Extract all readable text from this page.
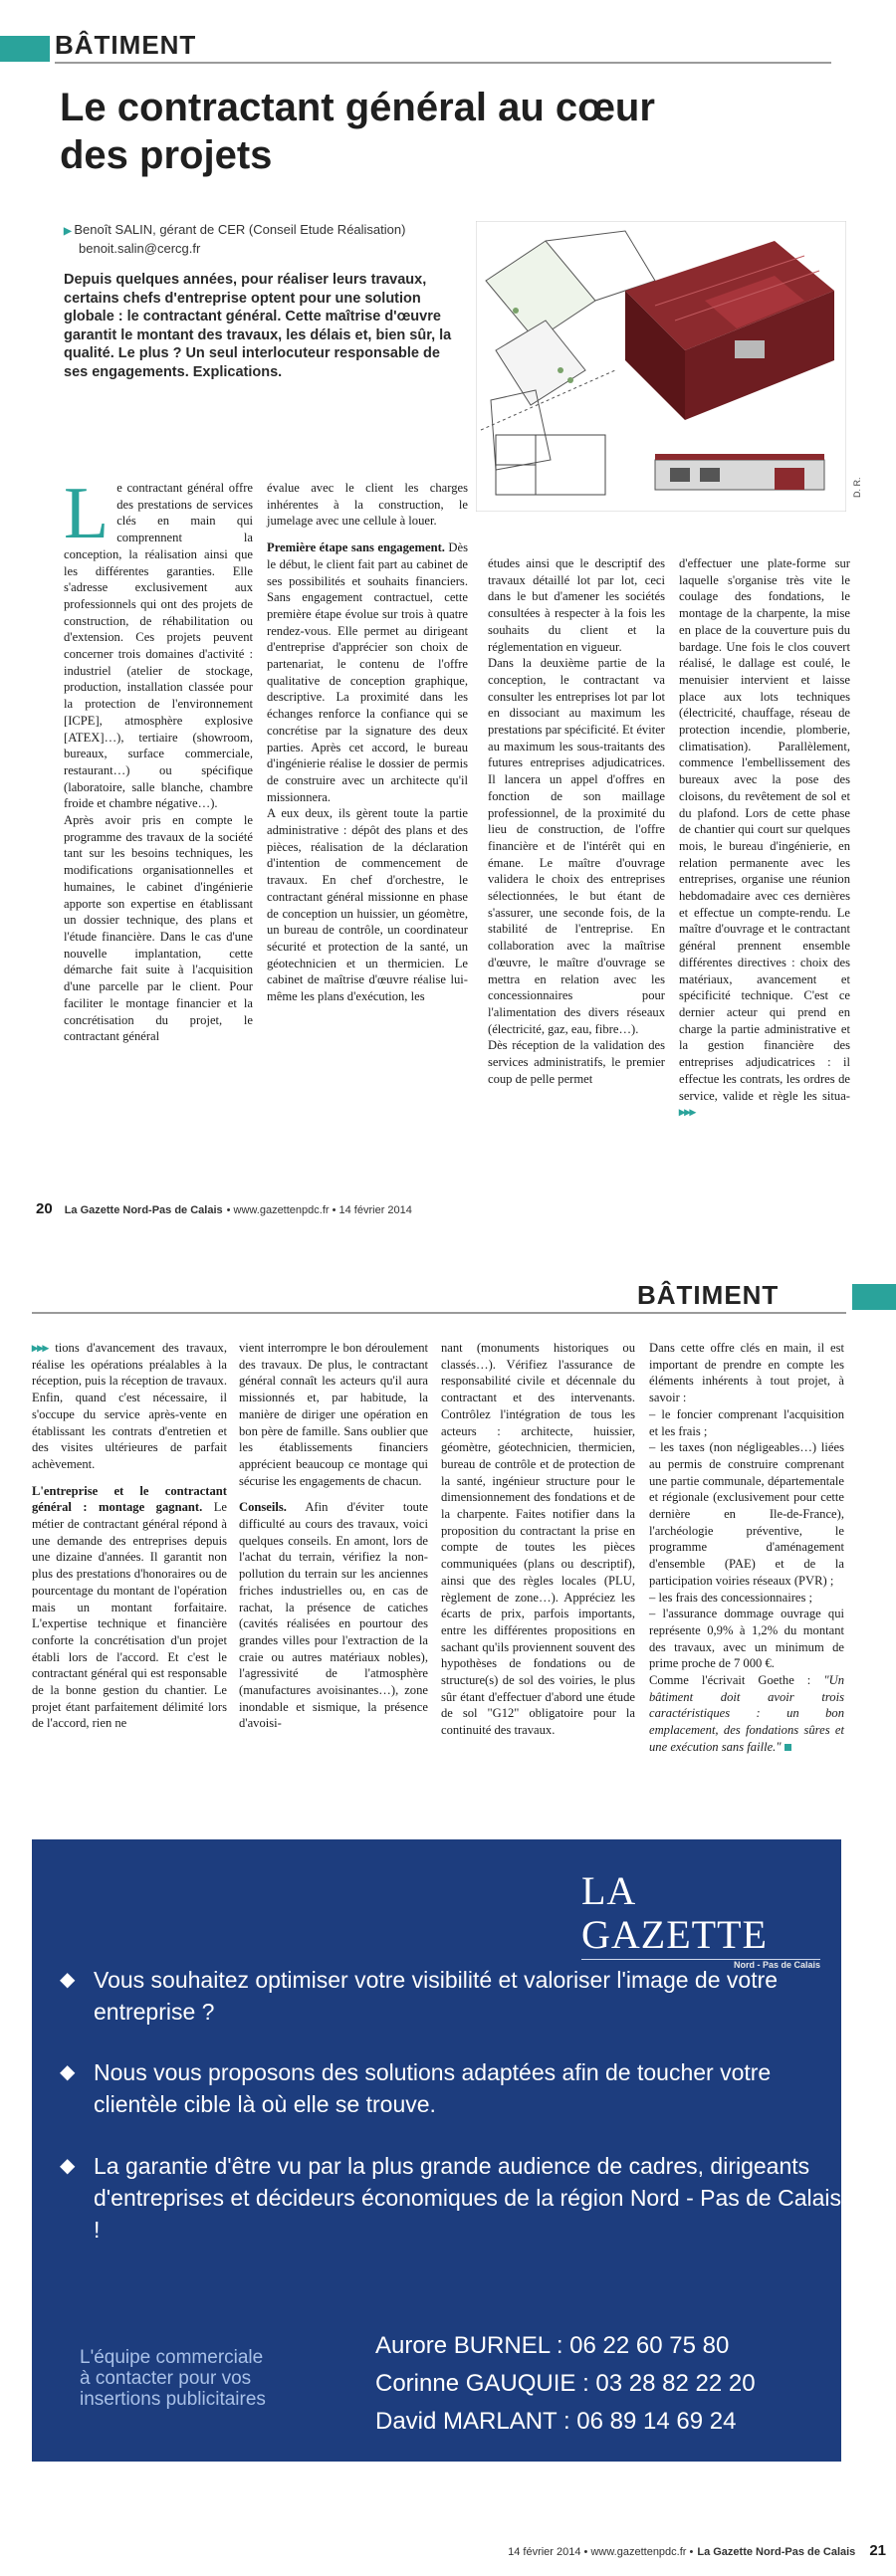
BÂTIMENT
Le contractant général au cœur
des projets
▶ Benoît SALIN, gérant de CER (Conseil Etude Réalisation)
benoit.salin@cercg.fr
Depuis quelques années, pour réaliser leurs travaux, certains chefs d'entreprise optent pour une solution globale : le contractant général. Cette maîtrise d'œuvre garantit le montant des travaux, les délais et, bien sûr, la qualité. Le plus ? Un seul interlocuteur responsable de ses engagements. Explications.
D. R.

Le contractant général offre des prestations de services clés en main qui comprennent la conception, la réalisation ainsi que les différentes garanties. Elle s'adresse exclusivement aux professionnels qui ont des projets de construction, de réhabilitation ou d'extension. Ces projets peuvent concerner trois domaines d'activité : industriel (atelier de stockage, production, installation classée pour la protection de l'environnement [ICPE], atmosphère explosive [ATEX]…), tertiaire (showroom, bureaux, surface commerciale, restaurant…) ou spécifique (laboratoire, salle blanche, chambre froide et chambre négative…).

Après avoir pris en compte le programme des travaux de la société tant sur les besoins techniques, les modifications organisationnelles et humaines, le cabinet d'ingénierie apporte son expertise en établissant un dossier technique, des plans et l'étude financière. Dans le cas d'une nouvelle implantation, cette démarche fait suite à l'acquisition d'une parcelle par le client. Pour faciliter le montage financier et la concrétisation du projet, le contractant général

évalue avec le client les charges inhérentes à la construction, le jumelage avec une cellule à louer.

Première étape sans engagement. Dès le début, le client fait part au cabinet de ses possibilités et souhaits financiers. Sans engagement contractuel, cette première étape évolue sur trois à quatre rendez-vous. Elle permet au dirigeant d'entreprise d'apprécier son choix de partenariat, le contenu de l'offre qualitative de conception graphique, descriptive. La proximité dans les échanges renforce la confiance qui se concrétise par la signature des deux parties. Après cet accord, le bureau d'ingénierie réalise le dossier de permis de construire avec un architecte qu'il missionnera.

A eux deux, ils gèrent toute la partie administrative : dépôt des plans et des pièces, réalisation de la déclaration d'intention de commencement de travaux. En chef d'orchestre, le contractant général missionne en phase de conception un huissier, un géomètre, un bureau de contrôle, un coordinateur sécurité et protection de la santé, un géotechnicien et un thermicien. Le cabinet de maîtrise d'œuvre réalise lui-même les plans d'exécution, les

études ainsi que le descriptif des travaux détaillé lot par lot, ceci dans le but d'amener les sociétés consultées à respecter à la fois les souhaits du client et la réglementation en vigueur.

Dans la deuxième partie de la conception, le contractant va consulter les entreprises lot par lot en dissociant au maximum les prestations par spécificité. Et éviter au maximum les sous-traitants des futures entreprises adjudicatrices. Il lancera un appel d'offres en fonction de son maillage professionnel, de la proximité du lieu de construction, de l'offre financière et de l'intérêt qui en émane. Le maître d'ouvrage validera le choix des entreprises sélectionnées, le but étant de s'assurer, une seconde fois, de la stabilité de l'entreprise. En collaboration avec la maîtrise d'œuvre, le maître d'ouvrage se mettra en relation avec les concessionnaires pour l'alimentation des divers réseaux (électricité, gaz, eau, fibre…).

Dès réception de la validation des services administratifs, le premier coup de pelle permet

d'effectuer une plate-forme sur laquelle s'organise très vite le coulage des fondations, le montage de la charpente, la mise en place de la couverture puis du bardage. Une fois le clos couvert réalisé, le dallage est coulé, le menuisier intervient et laisse place aux lots techniques (électricité, chauffage, réseau de protection incendie, plomberie, climatisation). Parallèlement, commence l'embellissement des bureaux avec la pose des cloisons, du revêtement de sol et du plafond. Lors de cette phase de chantier qui court sur quelques mois, le bureau d'ingénierie, en relation permanente avec les entreprises, organise une réunion hebdomadaire avec ces dernières et effectue un compte-rendu. Le maître d'ouvrage et le contractant général prennent ensemble différentes directives : choix des matériaux, avancement et spécificité technique. C'est ce dernier acteur qui prend en charge la partie administrative et la gestion financière des entreprises adjudicatrices : il effectue les contrats, les ordres de service, valide et règle les situa- ▸▸▸

20 La Gazette Nord-Pas de Calais • www.gazettenpdc.fr • 14 février 2014
BÂTIMENT

▸▸▸ tions d'avancement des travaux, réalise les opérations préalables à la réception, puis la réception de travaux. Enfin, quand c'est nécessaire, il s'occupe du service après-vente en établissant les contrats d'entretien et des visites ultérieures de parfait achèvement.

L'entreprise et le contractant général : montage gagnant. Le métier de contractant général répond à une demande des entreprises depuis une dizaine d'années. Il garantit non plus des prestations d'honoraires ou de pourcentage du montant de l'opération mais un montant forfaitaire. L'expertise technique et financière conforte la concrétisation d'un projet établi lors de l'accord. Et c'est le contractant général qui est responsable de la bonne gestion du chantier. Le projet étant parfaitement délimité lors de l'accord, rien ne

vient interrompre le bon déroulement des travaux. De plus, le contractant général connaît les acteurs qu'il aura missionnés et, par habitude, la manière de diriger une opération en bon père de famille. Sans oublier que les établissements financiers apprécient beaucoup ce montage qui sécurise les engagements de chacun.

Conseils. Afin d'éviter toute difficulté au cours des travaux, voici quelques conseils. En amont, lors de l'achat du terrain, vérifiez la non-pollution du terrain sur les anciennes friches industrielles ou, en cas de rachat, la présence de catiches (cavités réalisées en pourtour des grandes villes pour l'extraction de la craie ou autres matériaux nobles), l'agressivité de l'atmosphère (manufactures avoisinantes…), zone inondable et sismique, la présence d'avoisi-

nant (monuments historiques ou classés…). Vérifiez l'assurance de responsabilité civile et décennale du contractant et des intervenants. Contrôlez l'intégration de tous les acteurs : architecte, huissier, géomètre, géotechnicien, thermicien, bureau de contrôle et de protection de la santé, ingénieur structure pour le dimensionnement des fondations et de la charpente. Faites notifier dans la proposition du contractant la prise en compte de toutes les pièces communiquées (plans ou descriptif), ainsi que des règles locales (PLU, règlement de zone…). Appréciez les écarts de prix, parfois importants, entre les différentes propositions en sachant qu'ils proviennent souvent des hypothèses de fondations ou de structure(s) de sol des voiries, le plus sûr étant d'effectuer d'abord une étude de sol "G12" obligatoire pour la continuité des travaux.

Dans cette offre clés en main, il est important de prendre en compte les éléments inhérents à tout projet, à savoir :

– le foncier comprenant l'acquisition et les frais ;

– les taxes (non négligeables…) liées au permis de construire comprenant une partie communale, départementale et régionale (exclusivement pour cette dernière en Ile-de-France), l'archéologie préventive, le programme d'aménagement d'ensemble (PAE) et de la participation voiries réseaux (PVR) ;

– les frais des concessionnaires ;

– l'assurance dommage ouvrage qui représente 0,9% à 1,2% du montant des travaux, avec un minimum de prime proche de 7 000 €.

Comme l'écrivait Goethe : "Un bâtiment doit avoir trois caractéristiques : un bon emplacement, des fondations sûres et une exécution sans faille."

LA GAZETTE
Nord - Pas de Calais
◆ Vous souhaitez optimiser votre visibilité et valoriser l'image de votre entreprise ?
◆ Nous vous proposons des solutions adaptées afin de toucher votre clientèle cible là où elle se trouve.
◆ La garantie d'être vu par la plus grande audience de cadres, dirigeants d'entreprises et décideurs économiques de la région Nord - Pas de Calais !
L'équipe commerciale
à contacter pour vos
insertions publicitaires
Aurore BURNEL : 06 22 60 75 80
Corinne GAUQUIE : 03 28 82 22 20
David MARLANT : 06 89 14 69 24
14 février 2014 • www.gazettenpdc.fr • La Gazette Nord-Pas de Calais 21
